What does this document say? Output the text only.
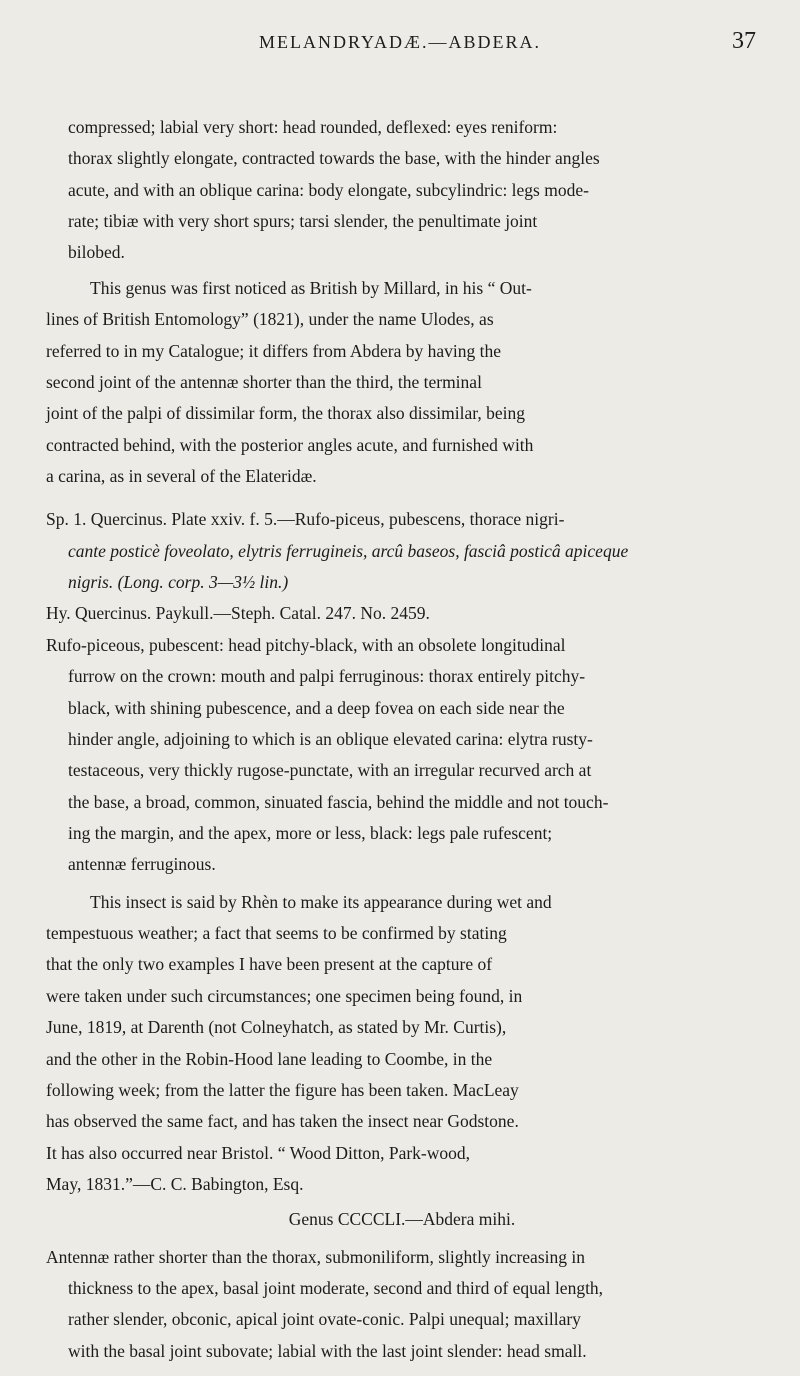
MELANDRYADÆ.—ABDERA.	37
compressed; labial very short: head rounded, deflexed: eyes reniform:
thorax slightly elongate, contracted towards the base, with the hinder angles
acute, and with an oblique carina: body elongate, subcylindric: legs mode-
rate; tibiæ with very short spurs; tarsi slender, the penultimate joint
bilobed.
This genus was first noticed as British by Millard, in his “ Out-
lines of British Entomology” (1821), under the name Ulodes, as
referred to in my Catalogue; it differs from Abdera by having the
second joint of the antennæ shorter than the third, the terminal
joint of the palpi of dissimilar form, the thorax also dissimilar, being
contracted behind, with the posterior angles acute, and furnished with
a carina, as in several of the Elateridæ.
Sp. 1. Quercinus. Plate xxiv. f. 5.—Rufo-piceus, pubescens, thorace nigri-
cante posticè foveolato, elytris ferrugineis, arcû baseos, fasciâ posticâ apiceque
nigris. (Long. corp. 3—3½ lin.)
Hy. Quercinus. Paykull.—Steph. Catal. 247. No. 2459.
Rufo-piceous, pubescent: head pitchy-black, with an obsolete longitudinal
furrow on the crown: mouth and palpi ferruginous: thorax entirely pitchy-
black, with shining pubescence, and a deep fovea on each side near the
hinder angle, adjoining to which is an oblique elevated carina: elytra rusty-
testaceous, very thickly rugose-punctate, with an irregular recurved arch at
the base, a broad, common, sinuated fascia, behind the middle and not touch-
ing the margin, and the apex, more or less, black: legs pale rufescent;
antennæ ferruginous.
This insect is said by Rhèn to make its appearance during wet and
tempestuous weather; a fact that seems to be confirmed by stating
that the only two examples I have been present at the capture of
were taken under such circumstances; one specimen being found, in
June, 1819, at Darenth (not Colneyhatch, as stated by Mr. Curtis),
and the other in the Robin-Hood lane leading to Coombe, in the
following week; from the latter the figure has been taken. MacLeay
has observed the same fact, and has taken the insect near Godstone.
It has also occurred near Bristol. “ Wood Ditton, Park-wood,
May, 1831.”—C. C. Babington, Esq.
Genus CCCCLI.—Abdera mihi.
Antennæ rather shorter than the thorax, submoniliform, slightly increasing in
thickness to the apex, basal joint moderate, second and third of equal length,
rather slender, obconic, apical joint ovate-conic. Palpi unequal; maxillary
with the basal joint subovate; labial with the last joint slender: head small.
